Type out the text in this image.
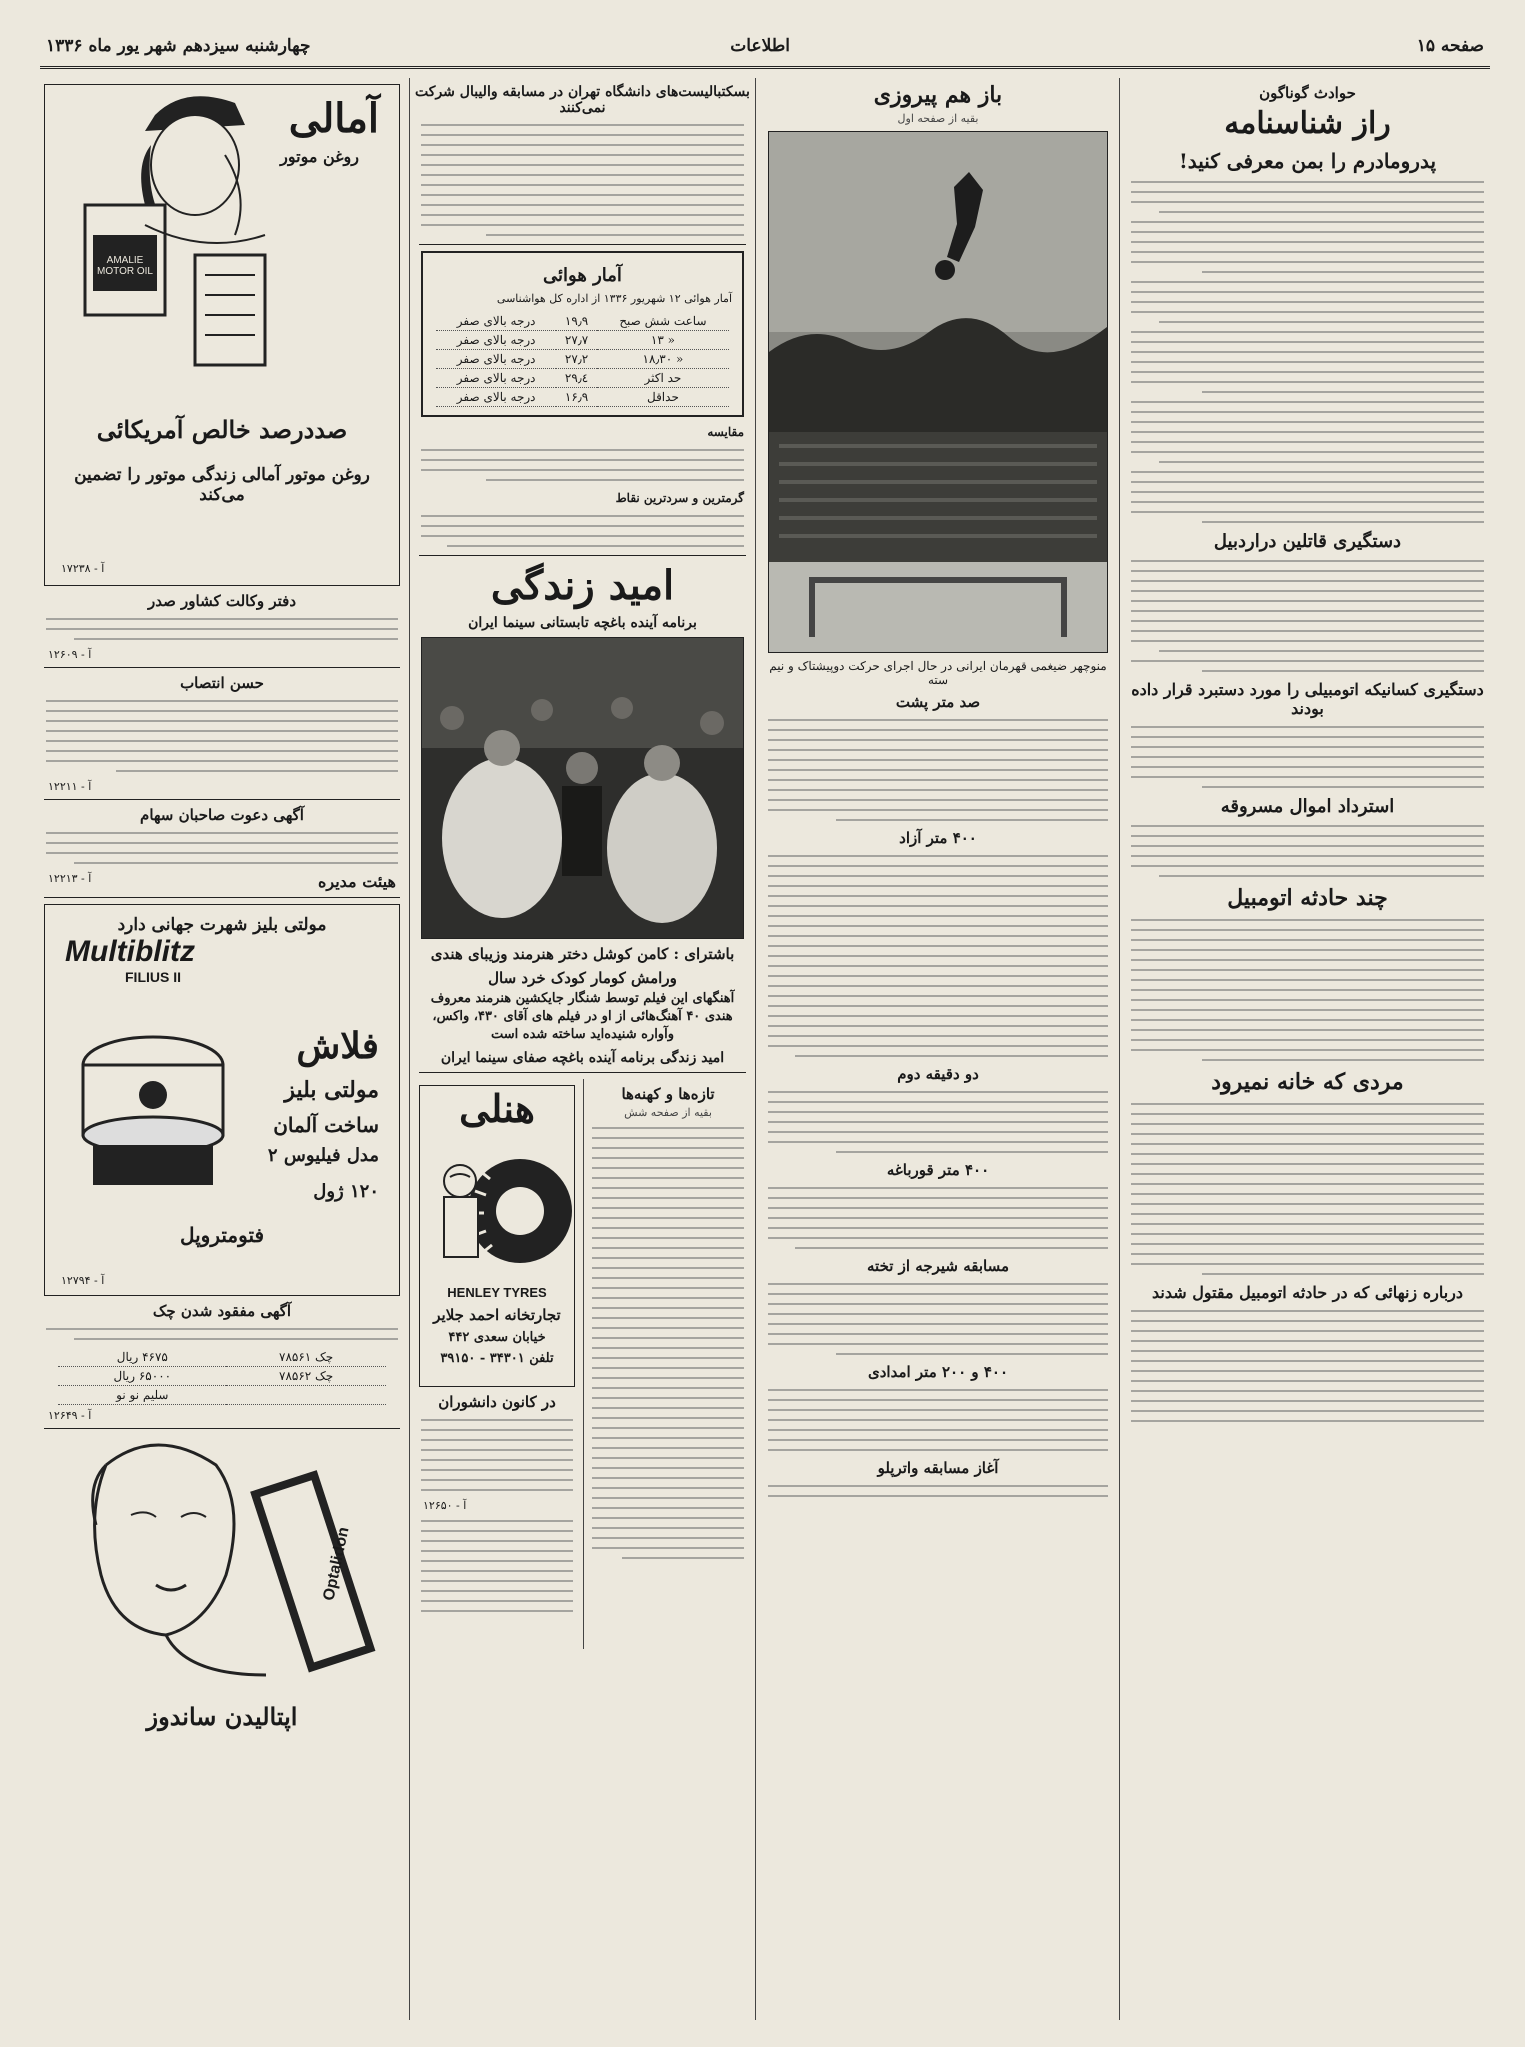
صفحه ۱۵
اطلاعات
چهارشنبه سیزدهم شهر یور ماه ۱۳۳۶
حوادث گوناگون
راز شناسنامه
پدرومادرم را بمن معرفی کنید!
دستگیری قاتلین دراردبیل
دستگیری کسانیکه اتومبیلی را مورد دستبرد قرار داده بودند
استرداد اموال مسروقه
چند حادثه اتومبیل
مردی که خانه نمیرود
درباره زنهائی که در حادثه اتومبیل مقتول شدند
باز هم پیروزی
بقیه از صفحه اول
منوچهر ضیغمی قهرمان ایرانی در حال اجرای حرکت دوپیشتاک و نیم سته
صد متر پشت
۴۰۰ متر آزاد
دو دقیقه دوم
۴۰۰ متر قورباغه
مسابقه شیرجه از تخته
۴۰۰ و ۲۰۰ متر امدادی
آغاز مسابقه واترپلو
بسکتبالیست‌های دانشگاه تهران در مسابقه والیبال شرکت نمی‌کنند
آمار هوائی
آمار هوائی ۱۲ شهریور ۱۳۳۶ از اداره کل هواشناسی
ساعت شش صبح	۱۹٫۹	درجه بالای صفر
« ۱۳	۲۷٫۷	درجه بالای صفر
« ۱۸٫۳۰	۲۷٫۲	درجه بالای صفر
حد اکثر	۲۹٫٤	درجه بالای صفر
حداقل	۱۶٫۹	درجه بالای صفر
مقایسه
گرمترین و سردترین نقاط
امید زندگی
برنامه آینده باغچه تابستانی سینما ایران
باشترای : کامن کوشل دختر هنرمند وزیبای هندی
ورامش کومار کودک خرد سال
آهنگهای این فیلم توسط شنگار جایکشین هنرمند معروف هندی ۴۰ آهنگ‌هائی از او در فیلم های آقای ۴۳۰، واکس، وآواره شنیده‌اید ساخته شده است
امید زندگی برنامه آینده باغچه صفای سینما ایران
تازه‌ها و کهنه‌ها
بقیه از صفحه شش
هنلی
HENLEY TYRES
تجارتخانه احمد جلایر
خیابان سعدی ۴۴۲
تلفن ۳۴۳۰۱ - ۳۹۱۵۰
در کانون دانشوران
آ - ۱۲۶۵۰
آمالی
روغن موتور
AMALIE MOTOR OIL
صددرصد خالص آمریکائی
روغن موتور آمالی زندگی موتور را تضمین می‌کند
آ - ۱۷۲۳۸
دفتر وکالت کشاور صدر
آ - ۱۲۶۰۹
حسن انتصاب
آ - ۱۲۲۱۱
آگهی دعوت صاحبان سهام
هیئت مدیره
آ - ۱۲۲۱۳
مولتی بلیز شهرت جهانی دارد
Multiblitz
FILIUS II
فلاش
مولتی بلیز
ساخت آلمان
مدل فیلیوس ۲
۱۲۰ ژول
فتومتروپل
آ - ۱۲۷۹۴
آگهی مفقود شدن چک
چک ۷۸۵۶۱	۴۶۷۵ ریال
چک ۷۸۵۶۲	۶۵۰۰۰ ریال
	سلیم نو نو
آ - ۱۲۶۴۹
Optalidon
اپتالیدن ساندوز
